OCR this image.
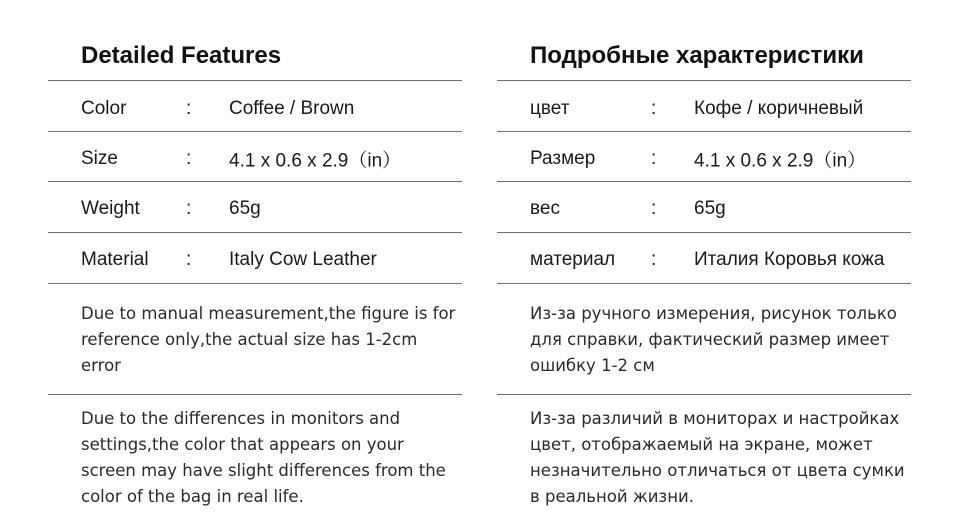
Detailed Features
Color	: Coffee / Brown
Size	: 4.1 x 0.6 x 2.9（in）
Weight : 65g
Material : Italy Cow Leather

Due to manual measurement,the figure is for reference only,the actual size has 1-2cm error

Due to the differences in monitors and settings,the color that appears on your screen may have slight differences from the color of the bag in real life.

Подробные характеристики
цвет	: Кофе / коричневый
Размер	: 4.1 x 0.6 x 2.9（in）
вес	: 65g
материал : Италия Коровья кожа

Из-за ручного измерения, рисунок только для справки, фактический размер имеет ошибку 1-2 см

Из-за различий в мониторах и настройках цвет, отображаемый на экране, может незначительно отличаться от цвета сумки в реальной жизни.
